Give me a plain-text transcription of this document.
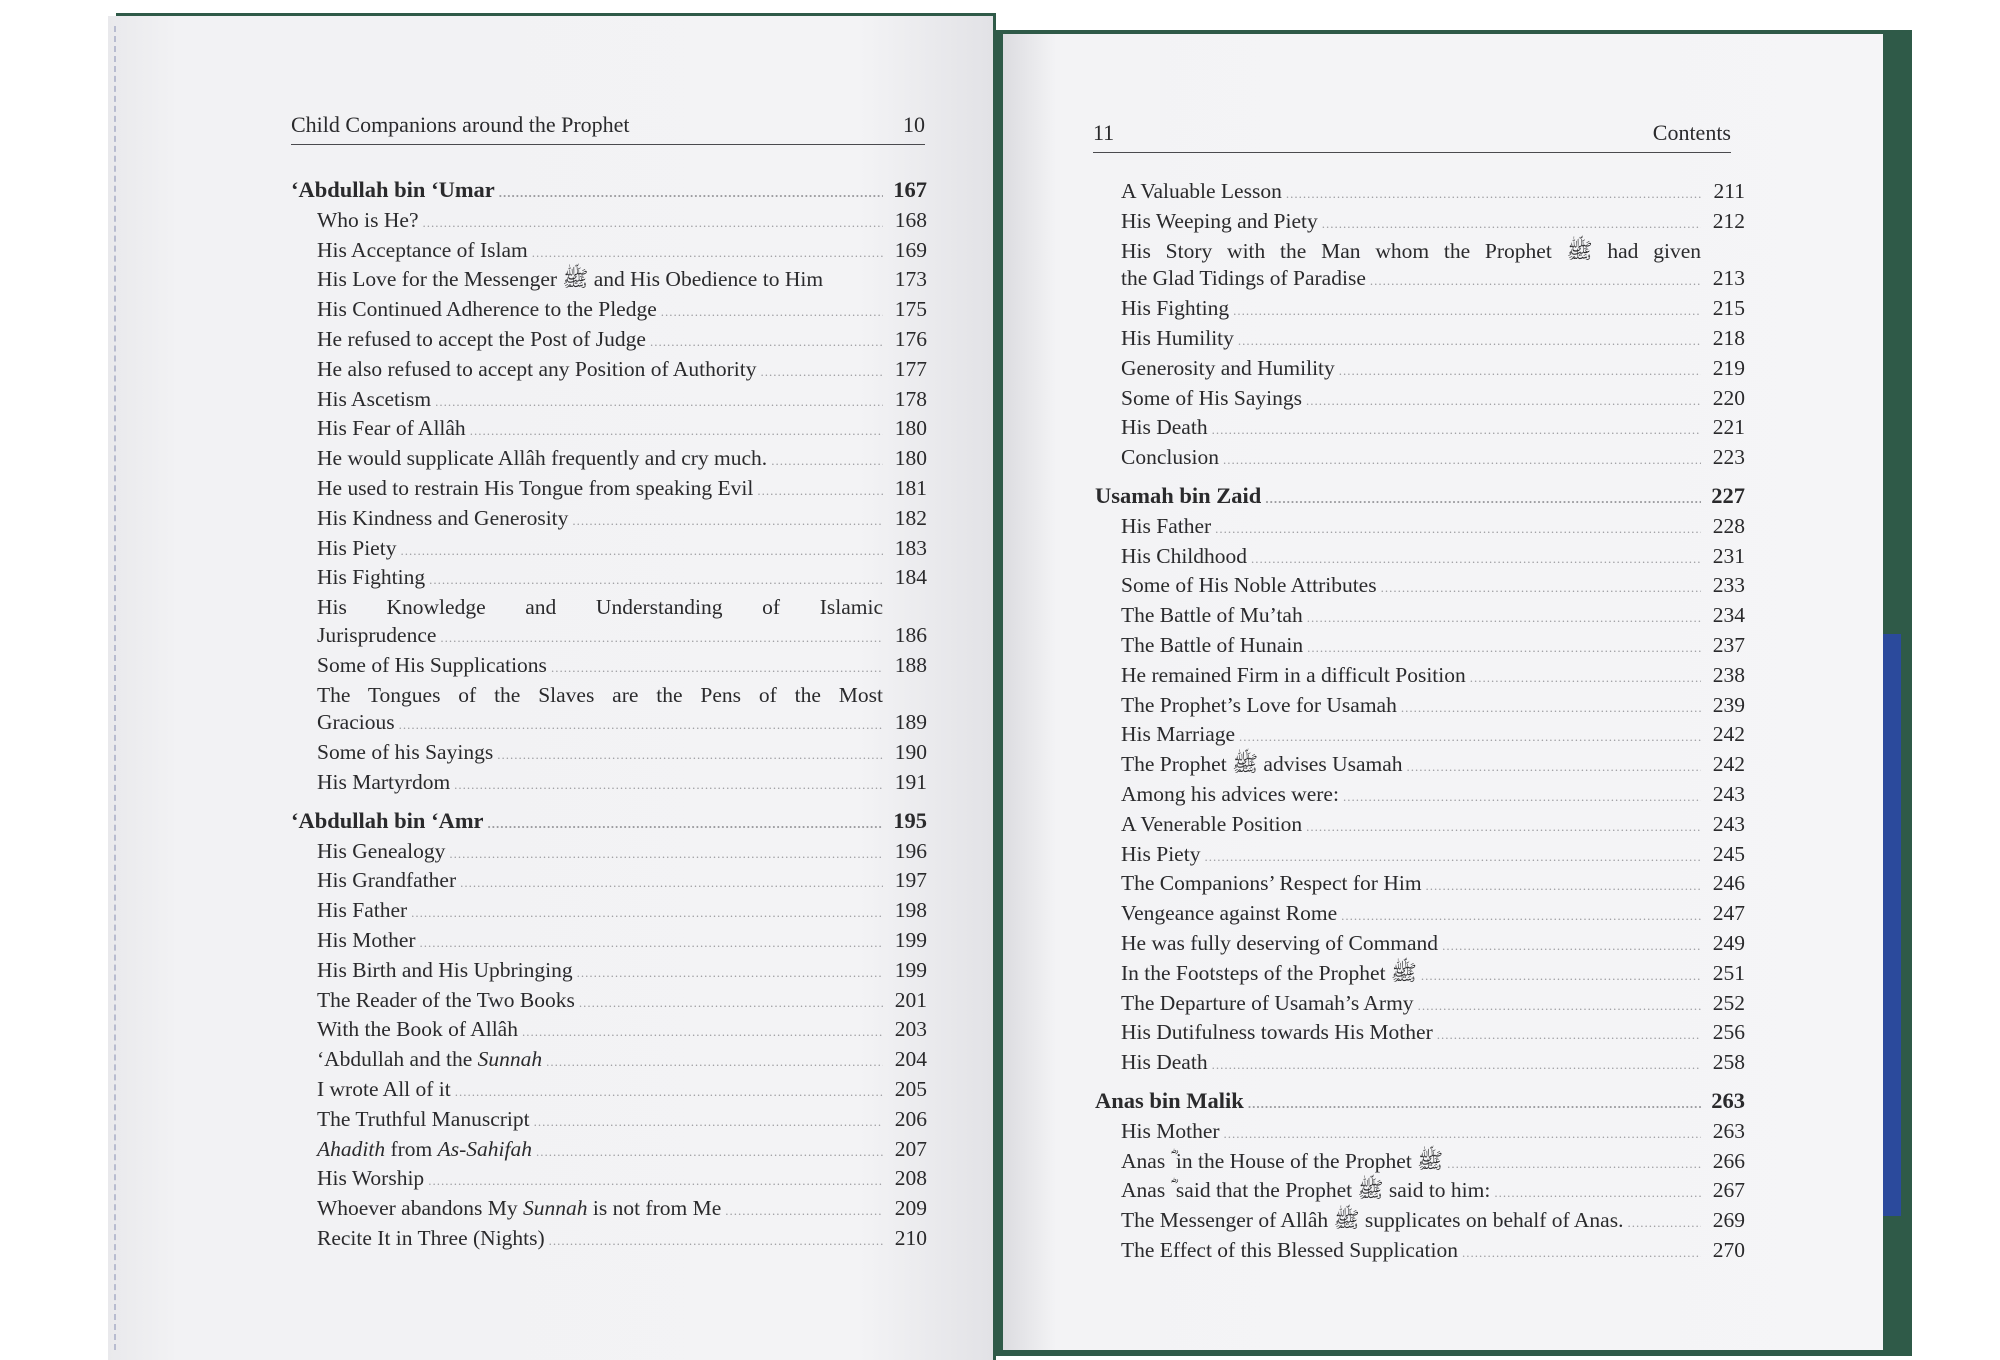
Child Companions around the Prophet	10	11	Contents
‘Abdullah bin ‘Umar .....	167
Who is He? .....	168
His Acceptance of Islam .....	169
His Love for the Messenger ﷺ and His Obedience to Him	173
His Continued Adherence to the Pledge .....	175
He refused to accept the Post of Judge .....	176
He also refused to accept any Position of Authority .....	177
His Ascetism .....	178
His Fear of Allâh .....	180
He would supplicate Allâh frequently and cry much. .....	180
He used to restrain His Tongue from speaking Evil .....	181
His Kindness and Generosity .....	182
His Piety .....	183
His Fighting .....	184
His Knowledge and Understanding of Islamic
Jurisprudence .....	186
Some of His Supplications .....	188
The Tongues of the Slaves are the Pens of the Most
Gracious .....	189
Some of his Sayings .....	190
His Martyrdom .....	191
‘Abdullah bin ‘Amr .....	195
His Genealogy .....	196
His Grandfather .....	197
His Father .....	198
His Mother .....	199
His Birth and His Upbringing .....	199
The Reader of the Two Books .....	201
With the Book of Allâh .....	203
‘Abdullah and the Sunnah .....	204
I wrote All of it .....	205
The Truthful Manuscript .....	206
Ahadith from As-Sahifah .....	207
His Worship .....	208
Whoever abandons My Sunnah is not from Me .....	209
Recite It in Three (Nights) .....	210
A Valuable Lesson .....	211
His Weeping and Piety .....	212
His Story with the Man whom the Prophet ﷺ had given
the Glad Tidings of Paradise .....	213
His Fighting .....	215
His Humility .....	218
Generosity and Humility .....	219
Some of His Sayings .....	220
His Death .....	221
Conclusion .....	223
Usamah bin Zaid .....	227
His Father .....	228
His Childhood .....	231
Some of His Noble Attributes .....	233
The Battle of Mu’tah .....	234
The Battle of Hunain .....	237
He remained Firm in a difficult Position .....	238
The Prophet’s Love for Usamah .....	239
His Marriage .....	242
The Prophet ﷺ advises Usamah .....	242
Among his advices were: .....	243
A Venerable Position .....	243
His Piety .....	245
The Companions’ Respect for Him .....	246
Vengeance against Rome .....	247
He was fully deserving of Command .....	249
In the Footsteps of the Prophet ﷺ .....	251
The Departure of Usamah’s Army .....	252
His Dutifulness towards His Mother .....	256
His Death .....	258
Anas bin Malik .....	263
His Mother .....	263
Anas ؓ in the House of the Prophet ﷺ .....	266
Anas ؓ said that the Prophet ﷺ said to him: .....	267
The Messenger of Allâh ﷺ supplicates on behalf of Anas. .....	269
The Effect of this Blessed Supplication .....	270
